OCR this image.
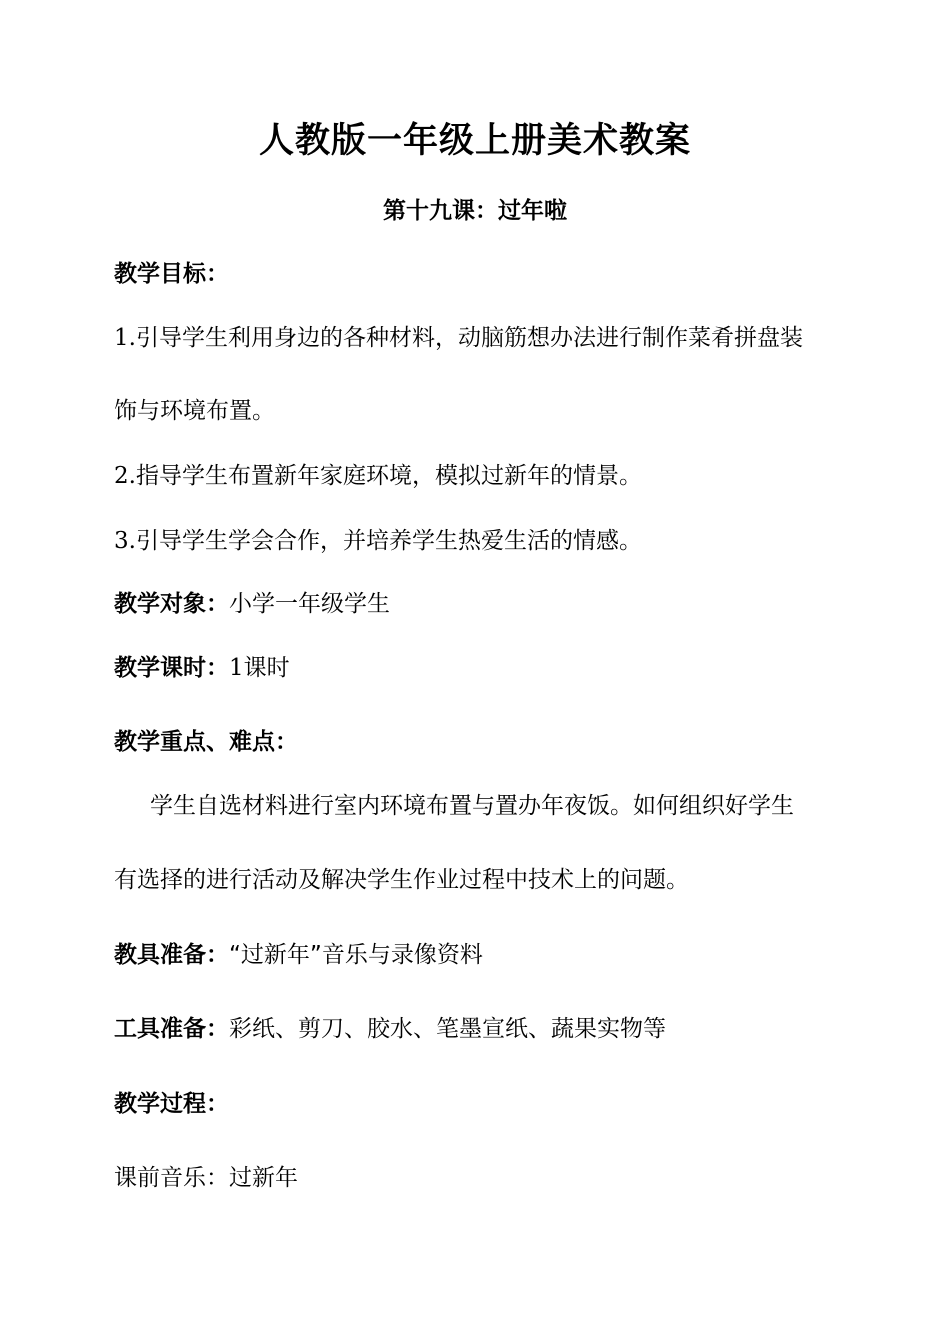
人教版一年级上册美术教案
第十九课：过年啦

教学目标：

1.引导学生利用身边的各种材料，动脑筋想办法进行制作菜肴拼盘装

饰与环境布置。

2.指导学生布置新年家庭环境，模拟过新年的情景。

3.引导学生学会合作，并培养学生热爱生活的情感。

教学对象：小学一年级学生

教学课时：1课时

教学重点、难点：

学生自选材料进行室内环境布置与置办年夜饭。如何组织好学生

有选择的进行活动及解决学生作业过程中技术上的问题。

教具准备：“过新年”音乐与录像资料

工具准备：彩纸、剪刀、胶水、笔墨宣纸、蔬果实物等

教学过程：

课前音乐：过新年
